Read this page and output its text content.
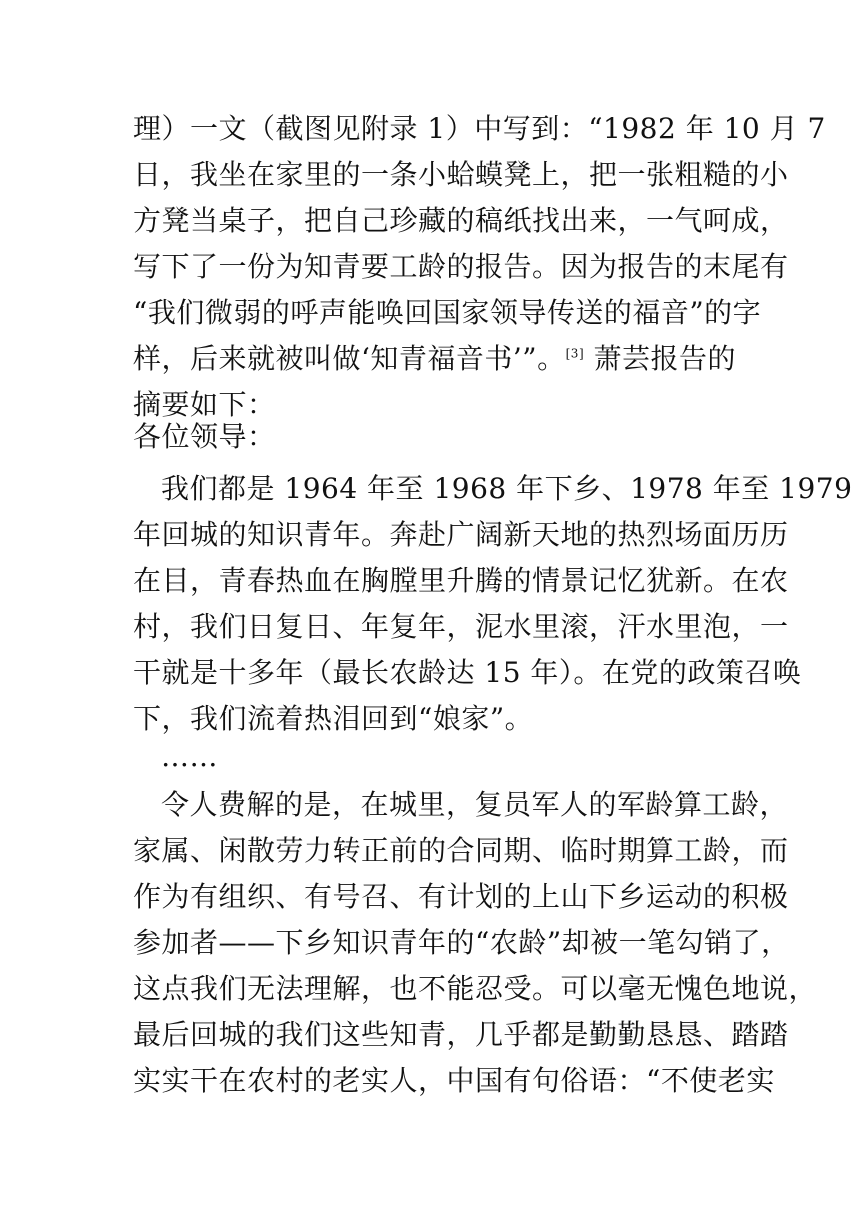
理）一文（截图见附录 1）中写到：“1982 年 10 月 7
日，我坐在家里的一条小蛤蟆凳上，把一张粗糙的小
方凳当桌子，把自己珍藏的稿纸找出来，一气呵成，
写下了一份为知青要工龄的报告。因为报告的末尾有
“我们微弱的呼声能唤回国家领导传送的福音”的字
样，后来就被叫做‘知青福音书’”。[3] 萧芸报告的
摘要如下：
各位领导：
我们都是 1964 年至 1968 年下乡、1978 年至 1979
年回城的知识青年。奔赴广阔新天地的热烈场面历历
在目，青春热血在胸膛里升腾的情景记忆犹新。在农
村，我们日复日、年复年，泥水里滚，汗水里泡，一
干就是十多年（最长农龄达 15 年）。在党的政策召唤
下，我们流着热泪回到“娘家”。
……
令人费解的是，在城里，复员军人的军龄算工龄，
家属、闲散劳力转正前的合同期、临时期算工龄，而
作为有组织、有号召、有计划的上山下乡运动的积极
参加者——下乡知识青年的“农龄”却被一笔勾销了，
这点我们无法理解，也不能忍受。可以毫无愧色地说，
最后回城的我们这些知青，几乎都是勤勤恳恳、踏踏
实实干在农村的老实人，中国有句俗语：“不使老实
